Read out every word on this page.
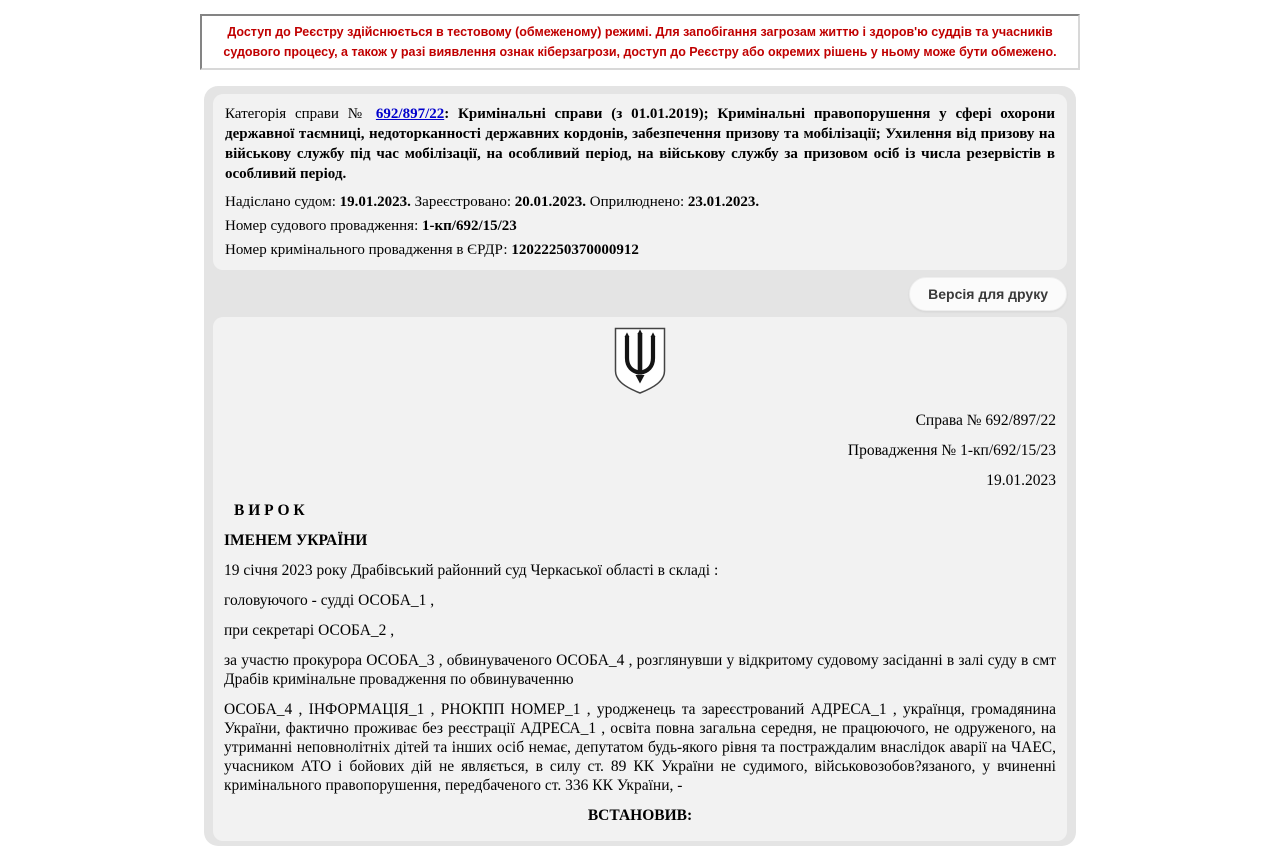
Доступ до Реєстру здійснюється в тестовому (обмеженому) режимі. Для запобігання загрозам життю і здоров'ю суддів та учасників судового процесу, а також у разі виявлення ознак кіберзагрози, доступ до Реєстру або окремих рішень у ньому може бути обмежено.

Категорія справи № 692/897/22: Кримінальні справи (з 01.01.2019); Кримінальні правопорушення у сфері охорони державної таємниці, недоторканності державних кордонів, забезпечення призову та мобілізації; Ухилення від призову на військову службу під час мобілізації, на особливий період, на військову службу за призовом осіб із числа резервістів в особливий період.

Надіслано судом: 19.01.2023. Зареєстровано: 20.01.2023. Оприлюднено: 23.01.2023.

Номер судового провадження: 1-кп/692/15/23

Номер кримінального провадження в ЄРДР: 12022250370000912

Версія для друку

Справа № 692/897/22

Провадження № 1-кп/692/15/23

19.01.2023

В И Р О К

ІМЕНЕМ УКРАЇНИ

19 січня 2023 року Драбівський районний суд Черкаської області в складі :

головуючого - судді ОСОБА_1 ,

при секретарі ОСОБА_2 ,

за участю прокурора ОСОБА_3 , обвинуваченого ОСОБА_4 , розглянувши у відкритому судовому засіданні в залі суду в смт Драбів кримінальне провадження по обвинуваченню

ОСОБА_4 , ІНФОРМАЦІЯ_1 , РНОКПП НОМЕР_1 , уродженець та зареєстрований АДРЕСА_1 , українця, громадянина України, фактично проживає без реєстрації АДРЕСА_1 , освіта повна загальна середня, не працюючого, не одруженого, на утриманні неповнолітніх дітей та інших осіб немає, депутатом будь-якого рівня та постраждалим внаслідок аварії на ЧАЕС, учасником АТО і бойових дій не являється, в силу ст. 89 КК України не судимого, військовозобов?язаного, у вчиненні кримінального правопорушення, передбаченого ст. 336 КК України, -

ВСТАНОВИВ:
